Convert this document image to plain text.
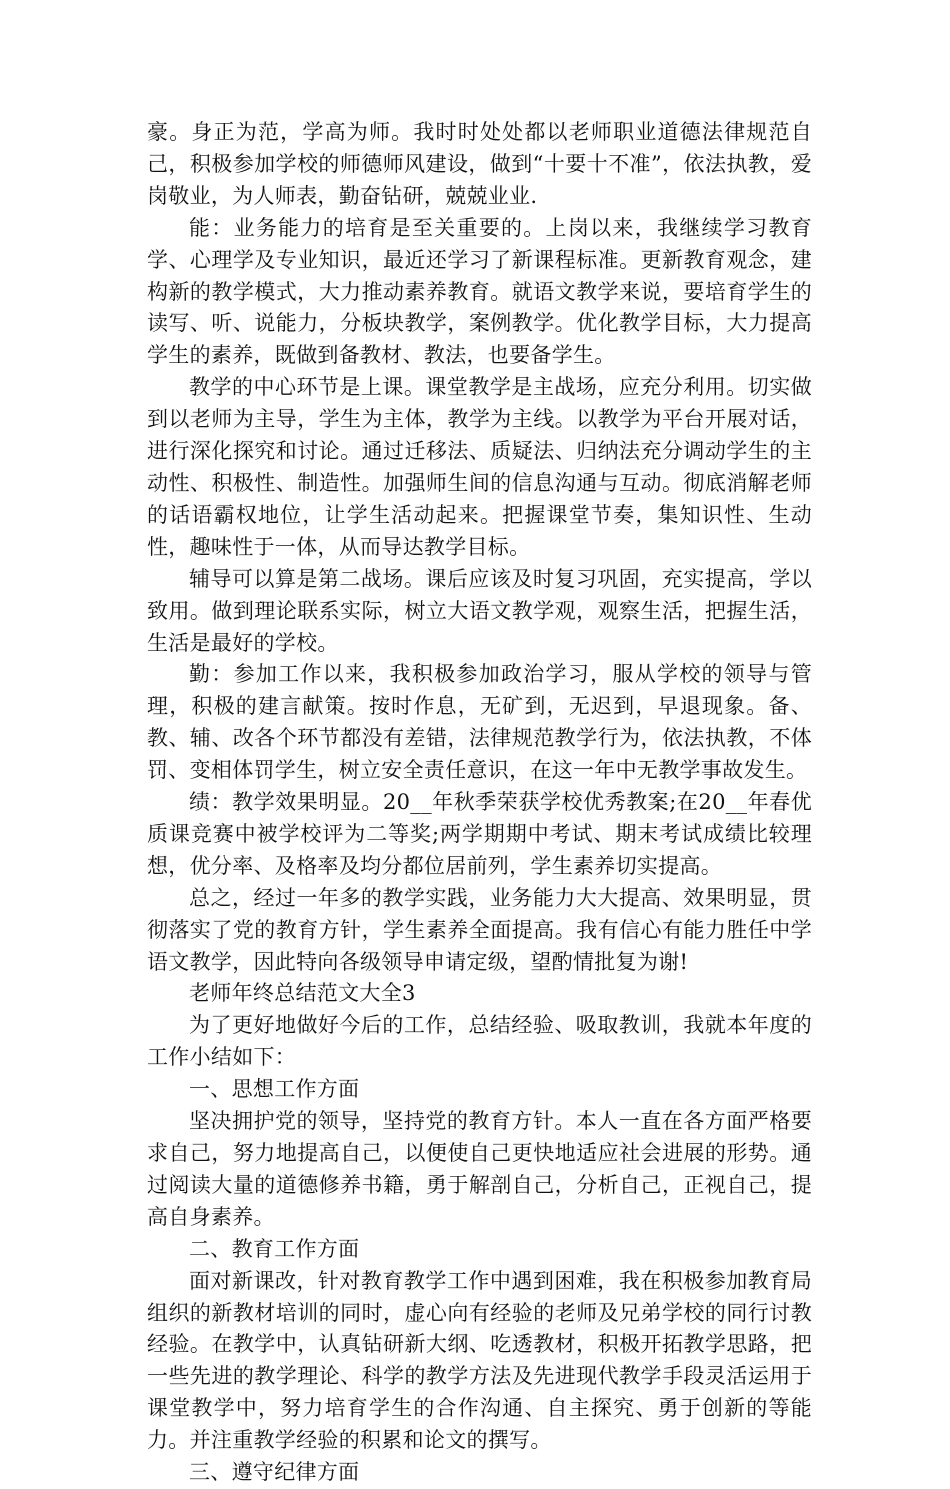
豪。身正为范，学高为师。我时时处处都以老师职业道德法律规范自己，积极参加学校的师德师风建设，做到“十要十不准”，依法执教，爱岗敬业，为人师表，勤奋钻研，兢兢业业.

能：业务能力的培育是至关重要的。上岗以来，我继续学习教育学、心理学及专业知识，最近还学习了新课程标准。更新教育观念，建构新的教学模式，大力推动素养教育。就语文教学来说，要培育学生的读写、听、说能力，分板块教学，案例教学。优化教学目标，大力提高学生的素养，既做到备教材、教法，也要备学生。

教学的中心环节是上课。课堂教学是主战场，应充分利用。切实做到以老师为主导，学生为主体，教学为主线。以教学为平台开展对话，进行深化探究和讨论。通过迁移法、质疑法、归纳法充分调动学生的主动性、积极性、制造性。加强师生间的信息沟通与互动。彻底消解老师的话语霸权地位，让学生活动起来。把握课堂节奏，集知识性、生动性，趣味性于一体，从而导达教学目标。

辅导可以算是第二战场。课后应该及时复习巩固，充实提高，学以致用。做到理论联系实际，树立大语文教学观，观察生活，把握生活，生活是最好的学校。

勤：参加工作以来，我积极参加政治学习，服从学校的领导与管理，积极的建言献策。按时作息，无矿到，无迟到，早退现象。备、教、辅、改各个环节都没有差错，法律规范教学行为，依法执教，不体罚、变相体罚学生，树立安全责任意识，在这一年中无教学事故发生。

绩：教学效果明显。20__年秋季荣获学校优秀教案;在20__年春优质课竞赛中被学校评为二等奖;两学期期中考试、期末考试成绩比较理想，优分率、及格率及均分都位居前列，学生素养切实提高。

总之，经过一年多的教学实践，业务能力大大提高、效果明显，贯彻落实了党的教育方针，学生素养全面提高。我有信心有能力胜任中学语文教学，因此特向各级领导申请定级，望酌情批复为谢!

老师年终总结范文大全3

为了更好地做好今后的工作，总结经验、吸取教训，我就本年度的工作小结如下：

一、思想工作方面

坚决拥护党的领导，坚持党的教育方针。本人一直在各方面严格要求自己，努力地提高自己，以便使自己更快地适应社会进展的形势。通过阅读大量的道德修养书籍，勇于解剖自己，分析自己，正视自己，提高自身素养。

二、教育工作方面

面对新课改，针对教育教学工作中遇到困难，我在积极参加教育局组织的新教材培训的同时，虚心向有经验的老师及兄弟学校的同行讨教经验。在教学中，认真钻研新大纲、吃透教材，积极开拓教学思路，把一些先进的教学理论、科学的教学方法及先进现代教学手段灵活运用于课堂教学中，努力培育学生的合作沟通、自主探究、勇于创新的等能力。并注重教学经验的积累和论文的撰写。

三、遵守纪律方面
